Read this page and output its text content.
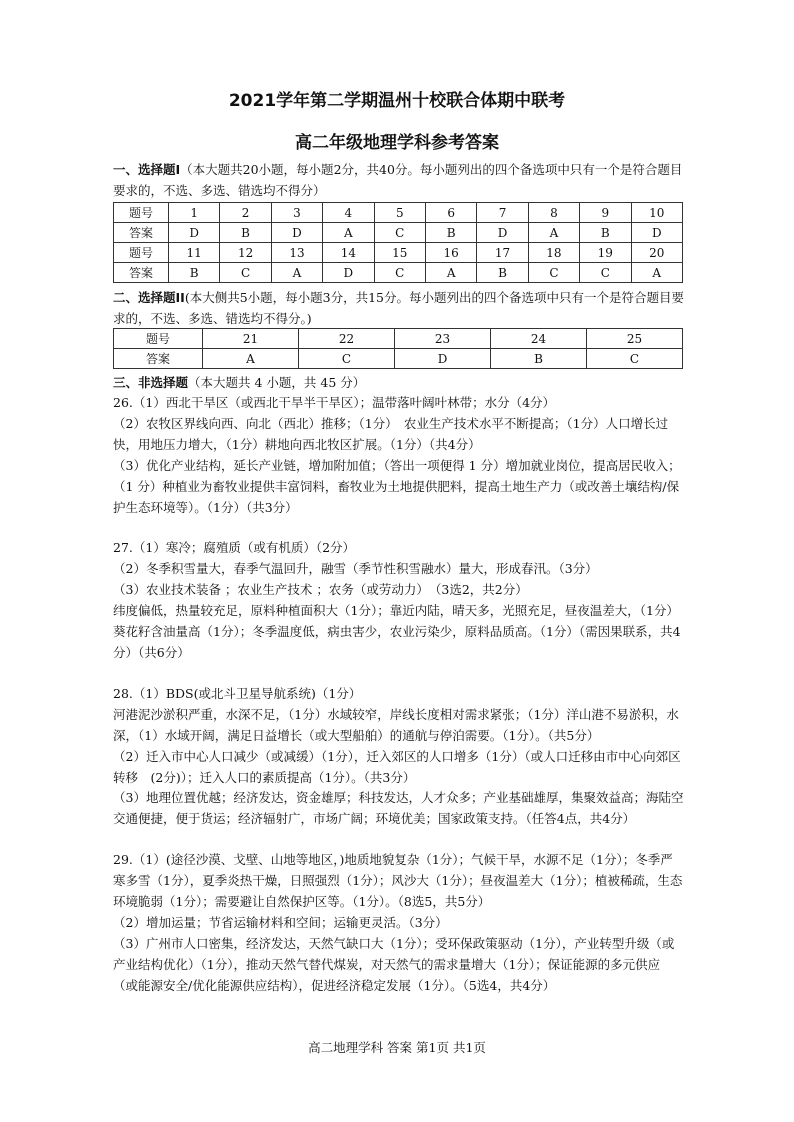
2021学年第二学期温州十校联合体期中联考
高二年级地理学科参考答案
一、选择题Ⅰ（本大题共20小题，每小题2分，共40分。每小题列出的四个备选项中只有一个是符合题目要求的，不选、多选、错选均不得分）
题号	1	2	3	4	5	6	7	8	9	10
答案	D	B	D	A	C	B	D	A	B	D
题号	11	12	13	14	15	16	17	18	19	20
答案	B	C	A	D	C	A	B	C	C	A
二、选择题II(本大侧共5小题，每小题3分，共15分。每小题列出的四个备选项中只有一个是符合题目要求的，不选、多选、错选均不得分。)
题号	21	22	23	24	25
答案	A	C	D	B	C
三、非选择题（本大题共 4 小题，共 45 分）

26.（1）西北干旱区（或西北干旱半干旱区）；温带落叶阔叶林带；水分（4分）

（2）农牧区界线向西、向北（西北）推移；（1分）　农业生产技术水平不断提高；（1分）人口增长过快，用地压力增大，（1分）耕地向西北牧区扩展。（1分）（共4分）

（3）优化产业结构，延长产业链，增加附加值；（答出一项便得 1 分）增加就业岗位，提高居民收入；（1 分）种植业为畜牧业提供丰富饲料，畜牧业为土地提供肥料，提高土地生产力（或改善土壤结构/保护生态环境等）。（1分）（共3分）

27.（1）寒冷；腐殖质（或有机质）（2分）

（2）冬季积雪量大，春季气温回升，融雪（季节性积雪融水）量大，形成春汛。（3分）

（3）农业技术装备 ；农业生产技术 ；农务（或劳动力）　（3选2，共2分）

纬度偏低，热量较充足，原料种植面积大（1分）；靠近内陆，晴天多，光照充足，昼夜温差大，（1分）葵花籽含油量高（1分）；冬季温度低，病虫害少，农业污染少，原料品质高。（1分）（需因果联系，共4分）（共6分）

28.（1）BDS(或北斗卫星导航系统)（1分）

河港泥沙淤积严重，水深不足，（1分）水域较窄，岸线长度相对需求紧张；（1分）洋山港不易淤积，水深，（1）水域开阔，满足日益增长（或大型船舶）的通航与停泊需要。（1分）。（共5分）

（2）迁入市中心人口减少（或减缓）（1分），迁入郊区的人口增多（1分）（或人口迁移由市中心向郊区转移　(2分)）；迁入人口的素质提高（1分）。（共3分）

（3）地理位置优越；经济发达，资金雄厚；科技发达，人才众多；产业基础雄厚，集聚效益高；海陆空交通便捷，便于货运；经济辐射广，市场广阔；环境优美；国家政策支持。（任答4点，共4分）

29.（1）(途径沙漠、戈壁、山地等地区，)地质地貌复杂（1分）；气候干旱，水源不足（1分）；冬季严寒多雪（1分），夏季炎热干燥，日照强烈（1分）；风沙大（1分）；昼夜温差大（1分）；植被稀疏，生态环境脆弱（1分）；需要避让自然保护区等。（1分）。（8选5，共5分）

（2）增加运量；节省运输材料和空间；运输更灵活。（3分）

（3）广州市人口密集，经济发达，天然气缺口大（1分）；受环保政策驱动（1分），产业转型升级（或产业结构优化）（1分），推动天然气替代煤炭，对天然气的需求量增大（1分）；保证能源的多元供应（或能源安全/优化能源供应结构），促进经济稳定发展（1分）。（5选4，共4分）

高二地理学科 答案 第1页 共1页
